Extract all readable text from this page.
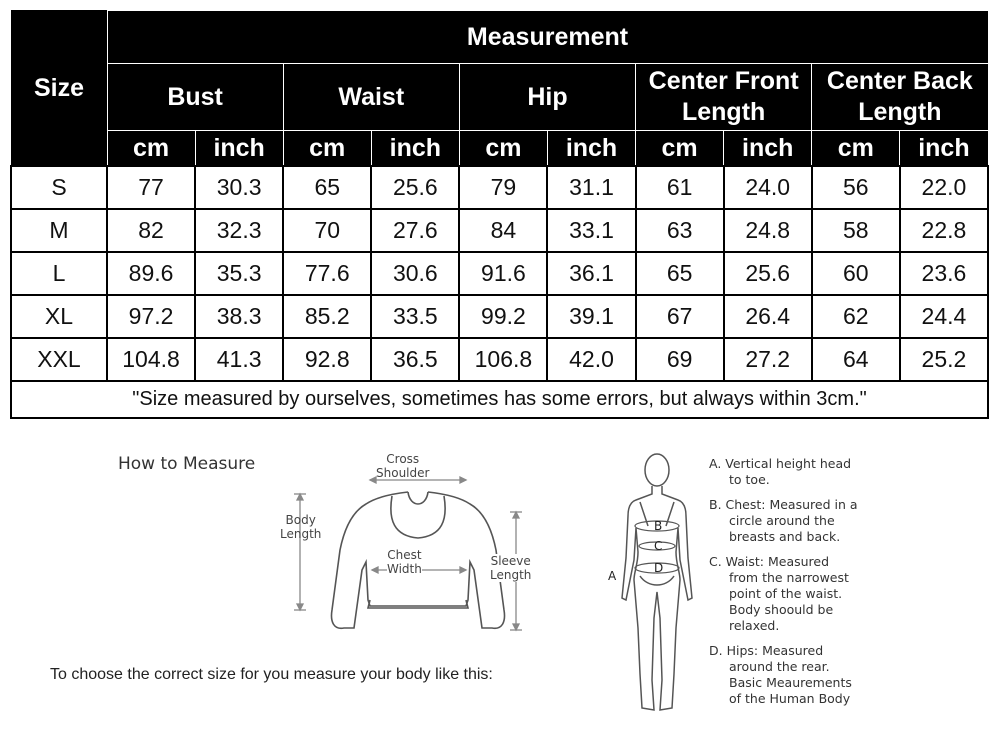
Size	Measurement									
	Bust		Waist		Hip		Center Front Length		Center Back Length	
	cm	inch	cm	inch	cm	inch	cm	inch	cm	inch
S	77	30.3	65	25.6	79	31.1	61	24.0	56	22.0
M	82	32.3	70	27.6	84	33.1	63	24.8	58	22.8
L	89.6	35.3	77.6	30.6	91.6	36.1	65	25.6	60	23.6
XL	97.2	38.3	85.2	33.5	99.2	39.1	67	26.4	62	24.4
XXL	104.8	41.3	92.8	36.5	106.8	42.0	69	27.2	64	25.2
"Size measured by ourselves, sometimes has some errors, but always within 3cm."										
How to Measure	Cross
Shoulder
Body
Length
Chest
Width
Sleeve
Length
To choose the correct size for you measure your body like this:
B
C
D
A
A. Vertical height head
to toe.
B. Chest: Measured in a
circle around the
breasts and back.
C. Waist: Measured
from the narrowest
point of the waist.
Body shoould be
relaxed.
D. Hips: Measured
around the rear.
Basic Meaurements
of the Human Body
